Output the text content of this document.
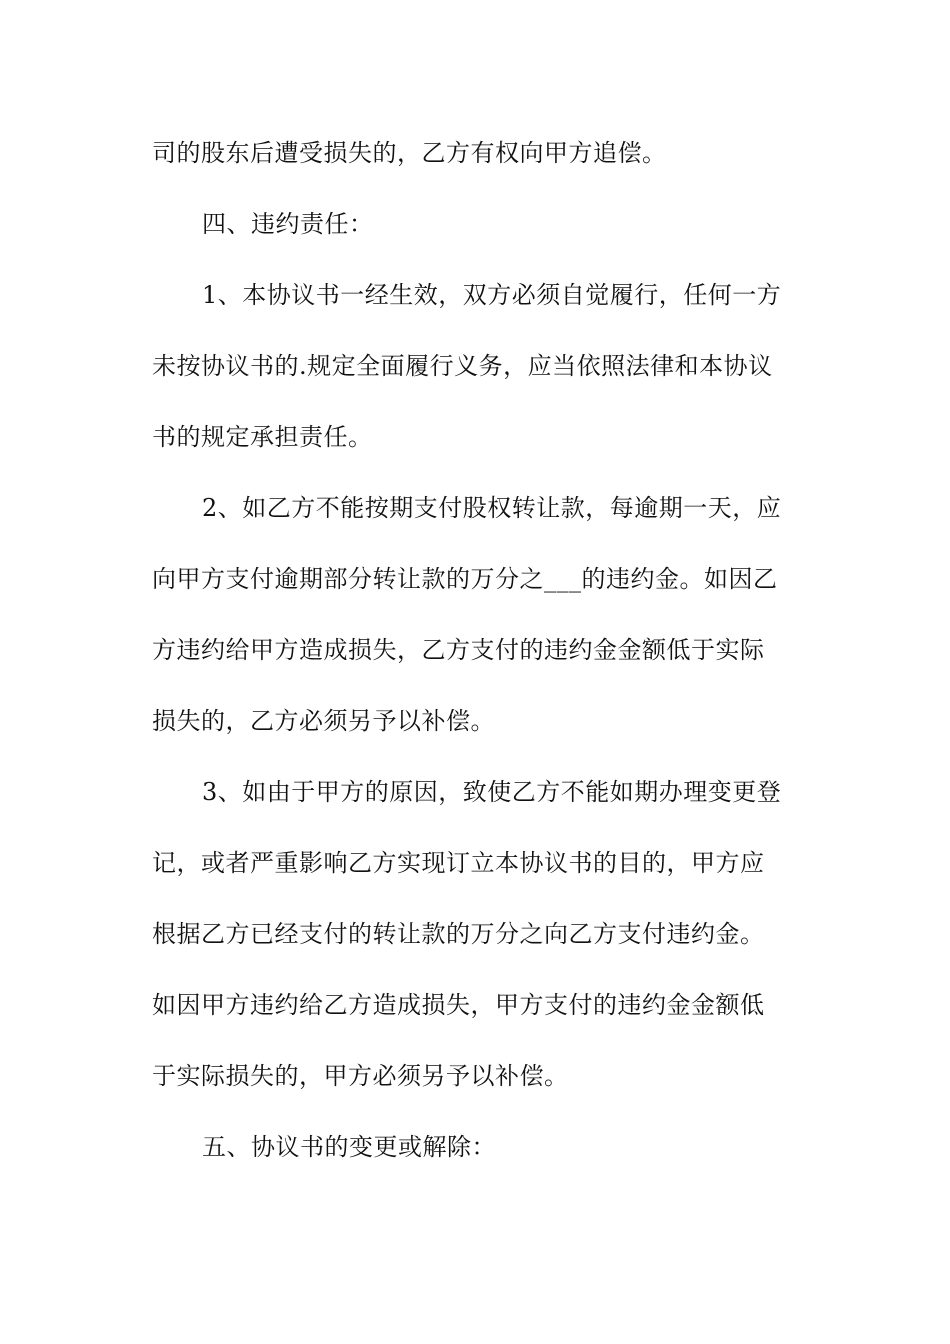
司的股东后遭受损失的，乙方有权向甲方追偿。
四、违约责任：
1、本协议书一经生效，双方必须自觉履行，任何一方
未按协议书的.规定全面履行义务，应当依照法律和本协议
书的规定承担责任。
2、如乙方不能按期支付股权转让款，每逾期一天，应
向甲方支付逾期部分转让款的万分之___的违约金。如因乙
方违约给甲方造成损失，乙方支付的违约金金额低于实际
损失的，乙方必须另予以补偿。
3、如由于甲方的原因，致使乙方不能如期办理变更登
记，或者严重影响乙方实现订立本协议书的目的，甲方应
根据乙方已经支付的转让款的万分之向乙方支付违约金。
如因甲方违约给乙方造成损失，甲方支付的违约金金额低
于实际损失的，甲方必须另予以补偿。
五、协议书的变更或解除：
